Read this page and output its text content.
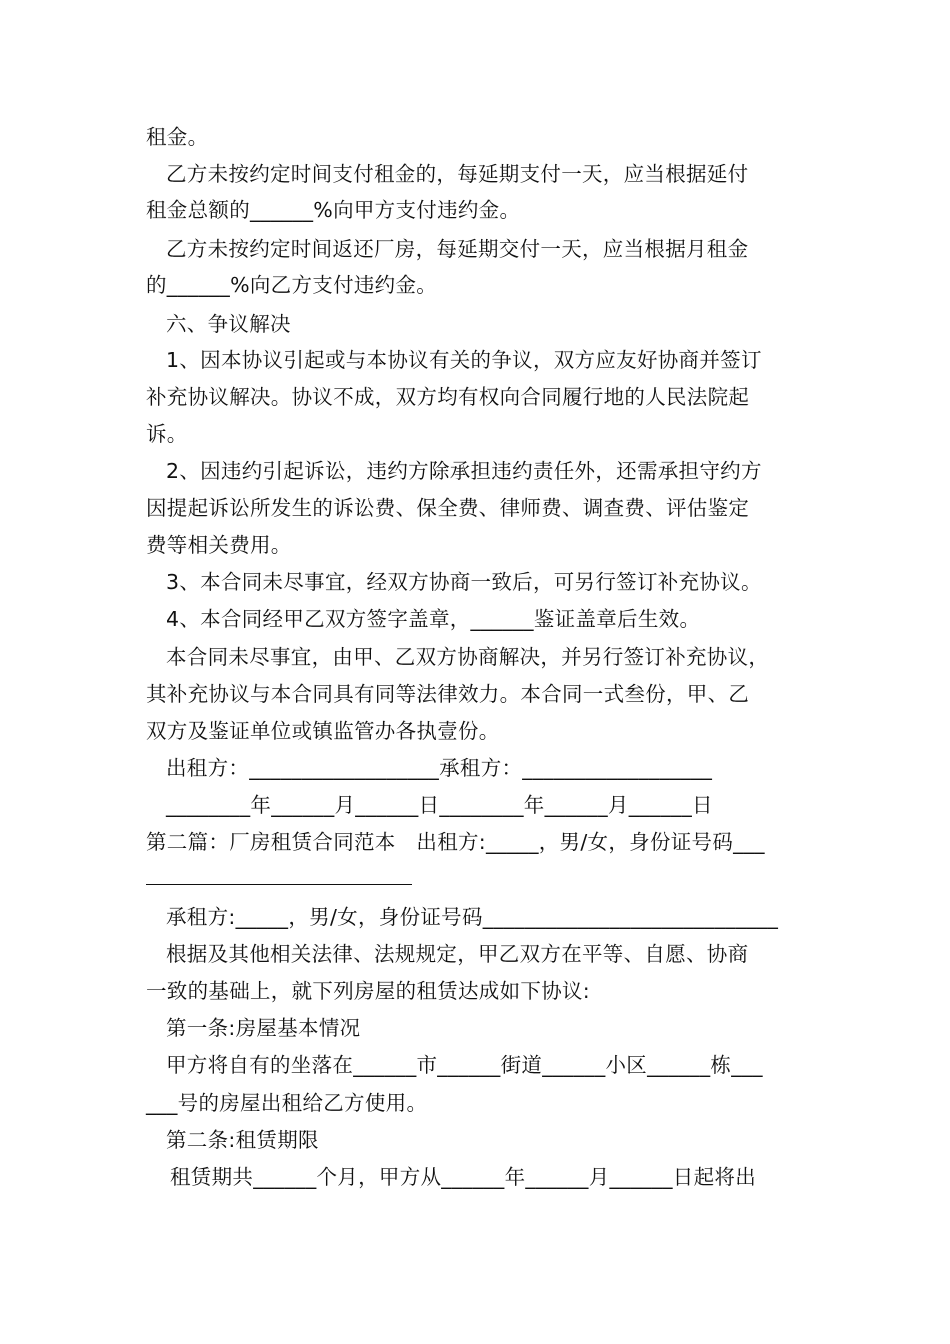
租金。
乙方未按约定时间支付租金的，每延期支付一天，应当根据延付
租金总额的______%向甲方支付违约金。
乙方未按约定时间返还厂房，每延期交付一天，应当根据月租金
的______%向乙方支付违约金。
六、争议解决
1、因本协议引起或与本协议有关的争议，双方应友好协商并签订
补充协议解决。协议不成，双方均有权向合同履行地的人民法院起
诉。
2、因违约引起诉讼，违约方除承担违约责任外，还需承担守约方
因提起诉讼所发生的诉讼费、保全费、律师费、调查费、评估鉴定
费等相关费用。
3、本合同未尽事宜，经双方协商一致后，可另行签订补充协议。
4、本合同经甲乙双方签字盖章，______鉴证盖章后生效。
本合同未尽事宜，由甲、乙双方协商解决，并另行签订补充协议，
其补充协议与本合同具有同等法律效力。本合同一式叁份，甲、乙
双方及鉴证单位或镇监管办各执壹份。
出租方：__________________承租方：__________________
________年______月______日________年______月______日
第二篇：厂房租赁合同范本　出租方:_____，男/女，身份证号码___
承租方:_____，男/女，身份证号码____________________________
根据及其他相关法律、法规规定，甲乙双方在平等、自愿、协商
一致的基础上，就下列房屋的租赁达成如下协议:
第一条:房屋基本情况
甲方将自有的坐落在______市______街道______小区______栋___
___号的房屋出租给乙方使用。
第二条:租赁期限
租赁期共______个月，甲方从______年______月______日起将出
